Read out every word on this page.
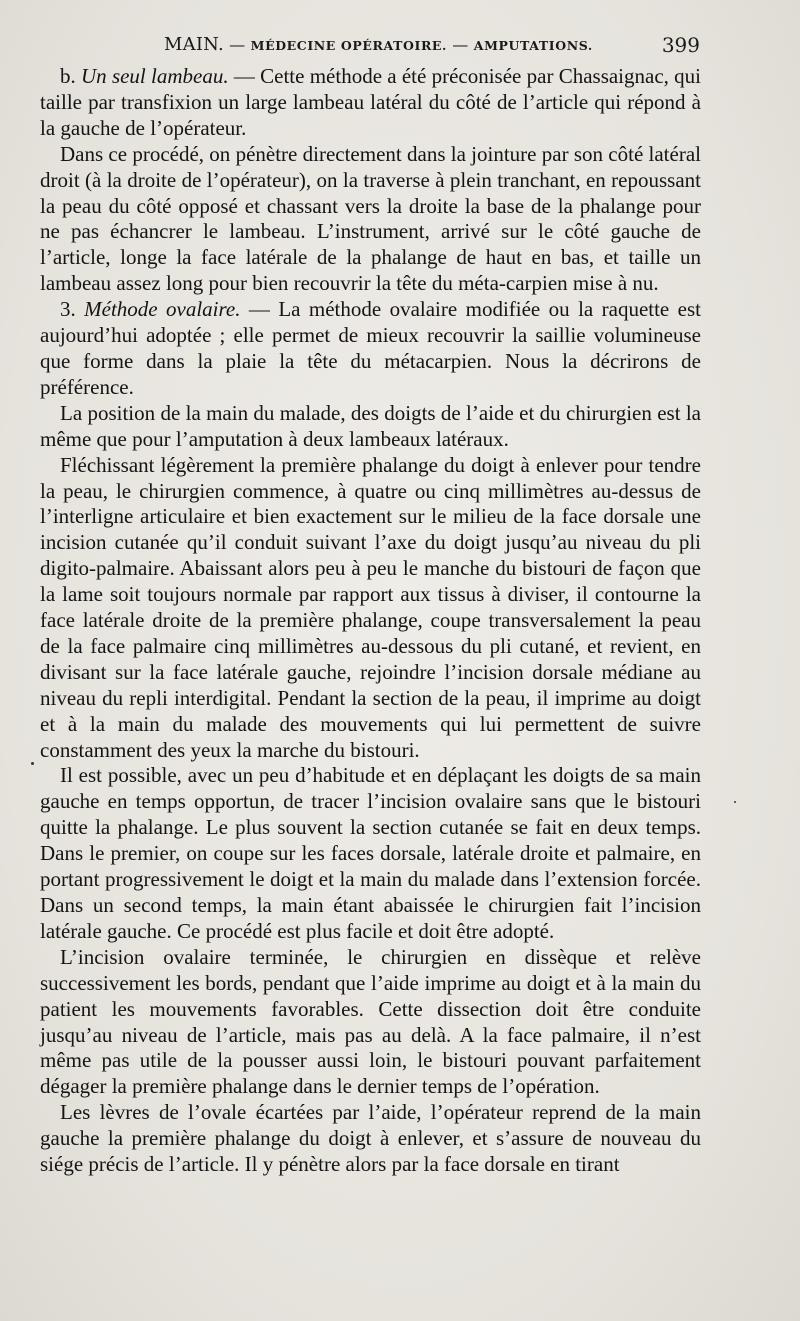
MAIN. — MÉDECINE OPÉRATOIRE. — AMPUTATIONS.	399

b. Un seul lambeau. — Cette méthode a été préconisée par Chassaignac, qui taille par transfixion un large lambeau latéral du côté de l’article qui répond à la gauche de l’opérateur.

Dans ce procédé, on pénètre directement dans la jointure par son côté latéral droit (à la droite de l’opérateur), on la traverse à plein tranchant, en repoussant la peau du côté opposé et chassant vers la droite la base de la phalange pour ne pas échancrer le lambeau. L’instrument, arrivé sur le côté gauche de l’article, longe la face latérale de la phalange de haut en bas, et taille un lambeau assez long pour bien recouvrir la tête du méta-carpien mise à nu.

3. Méthode ovalaire. — La méthode ovalaire modifiée ou la raquette est aujourd’hui adoptée ; elle permet de mieux recouvrir la saillie volumineuse que forme dans la plaie la tête du métacarpien. Nous la décrirons de préférence.

La position de la main du malade, des doigts de l’aide et du chirurgien est la même que pour l’amputation à deux lambeaux latéraux.

Fléchissant légèrement la première phalange du doigt à enlever pour tendre la peau, le chirurgien commence, à quatre ou cinq millimètres au-dessus de l’interligne articulaire et bien exactement sur le milieu de la face dorsale une incision cutanée qu’il conduit suivant l’axe du doigt jusqu’au niveau du pli digito-palmaire. Abaissant alors peu à peu le manche du bistouri de façon que la lame soit toujours normale par rapport aux tissus à diviser, il contourne la face latérale droite de la première phalange, coupe transversalement la peau de la face palmaire cinq millimètres au-dessous du pli cutané, et revient, en divisant sur la face latérale gauche, rejoindre l’incision dorsale médiane au niveau du repli interdigital. Pendant la section de la peau, il imprime au doigt et à la main du malade des mouvements qui lui permettent de suivre constamment des yeux la marche du bistouri.

Il est possible, avec un peu d’habitude et en déplaçant les doigts de sa main gauche en temps opportun, de tracer l’incision ovalaire sans que le bistouri quitte la phalange. Le plus souvent la section cutanée se fait en deux temps. Dans le premier, on coupe sur les faces dorsale, latérale droite et palmaire, en portant progressivement le doigt et la main du malade dans l’extension forcée. Dans un second temps, la main étant abaissée le chirurgien fait l’incision latérale gauche. Ce procédé est plus facile et doit être adopté.

L’incision ovalaire terminée, le chirurgien en dissèque et relève successivement les bords, pendant que l’aide imprime au doigt et à la main du patient les mouvements favorables. Cette dissection doit être conduite jusqu’au niveau de l’article, mais pas au delà. A la face palmaire, il n’est même pas utile de la pousser aussi loin, le bistouri pouvant parfaitement dégager la première phalange dans le dernier temps de l’opération.

Les lèvres de l’ovale écartées par l’aide, l’opérateur reprend de la main gauche la première phalange du doigt à enlever, et s’assure de nouveau du siége précis de l’article. Il y pénètre alors par la face dorsale en tirant
